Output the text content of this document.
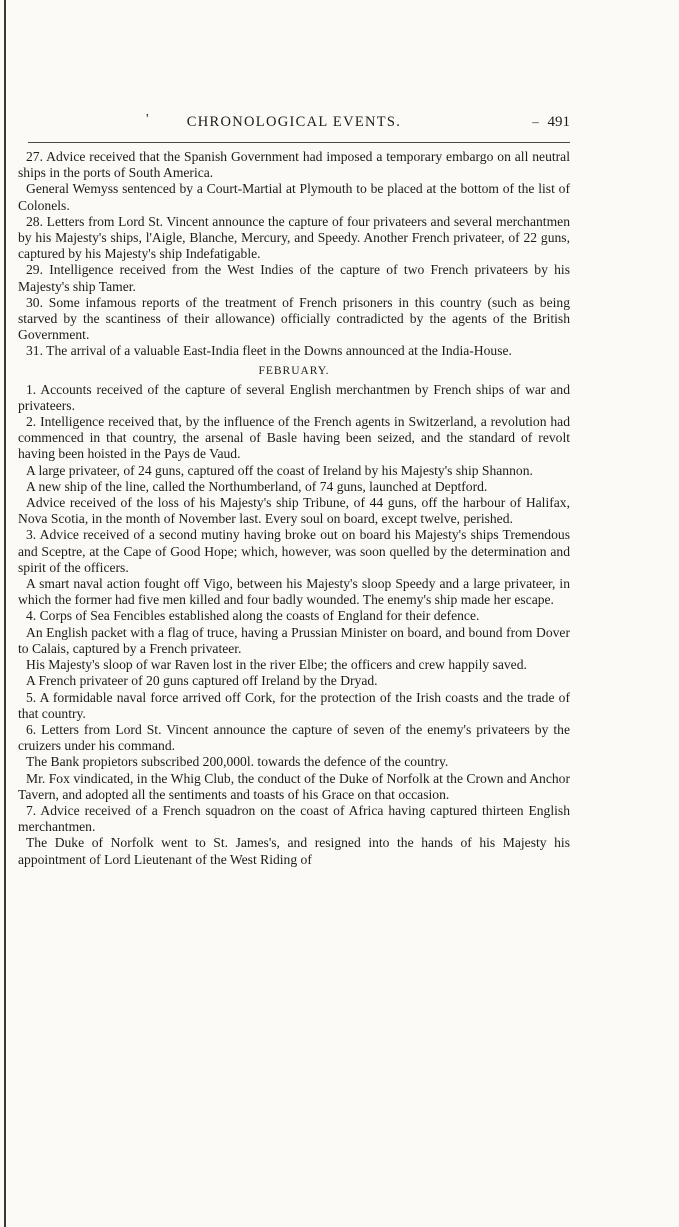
'	CHRONOLOGICAL EVENTS.	– 491

27. Advice received that the Spanish Government had imposed a temporary embargo on all neutral ships in the ports of South America.

General Wemyss sentenced by a Court-Martial at Plymouth to be placed at the bottom of the list of Colonels.

28. Letters from Lord St. Vincent announce the capture of four privateers and several merchantmen by his Majesty's ships, l'Aigle, Blanche, Mercury, and Speedy. Another French privateer, of 22 guns, captured by his Majesty's ship Indefatigable.

29. Intelligence received from the West Indies of the capture of two French privateers by his Majesty's ship Tamer.

30. Some infamous reports of the treatment of French prisoners in this country (such as being starved by the scantiness of their allowance) officially contradicted by the agents of the British Government.

31. The arrival of a valuable East-India fleet in the Downs announced at the India-House.

FEBRUARY.

1. Accounts received of the capture of several English merchantmen by French ships of war and privateers.

2. Intelligence received that, by the influence of the French agents in Switzerland, a revolution had commenced in that country, the arsenal of Basle having been seized, and the standard of revolt having been hoisted in the Pays de Vaud.

A large privateer, of 24 guns, captured off the coast of Ireland by his Majesty's ship Shannon.

A new ship of the line, called the Northumberland, of 74 guns, launched at Deptford.

Advice received of the loss of his Majesty's ship Tribune, of 44 guns, off the harbour of Halifax, Nova Scotia, in the month of November last. Every soul on board, except twelve, perished.

3. Advice received of a second mutiny having broke out on board his Majesty's ships Tremendous and Sceptre, at the Cape of Good Hope; which, however, was soon quelled by the determination and spirit of the officers.

A smart naval action fought off Vigo, between his Majesty's sloop Speedy and a large privateer, in which the former had five men killed and four badly wounded. The enemy's ship made her escape.

4. Corps of Sea Fencibles established along the coasts of England for their defence.

An English packet with a flag of truce, having a Prussian Minister on board, and bound from Dover to Calais, captured by a French privateer.

His Majesty's sloop of war Raven lost in the river Elbe; the officers and crew happily saved.

A French privateer of 20 guns captured off Ireland by the Dryad.

5. A formidable naval force arrived off Cork, for the protection of the Irish coasts and the trade of that country.

6. Letters from Lord St. Vincent announce the capture of seven of the enemy's privateers by the cruizers under his command.

The Bank propietors subscribed 200,000l. towards the defence of the country.

Mr. Fox vindicated, in the Whig Club, the conduct of the Duke of Norfolk at the Crown and Anchor Tavern, and adopted all the sentiments and toasts of his Grace on that occasion.

7. Advice received of a French squadron on the coast of Africa having captured thirteen English merchantmen.

The Duke of Norfolk went to St. James's, and resigned into the hands of his Majesty his appointment of Lord Lieutenant of the West Riding of
